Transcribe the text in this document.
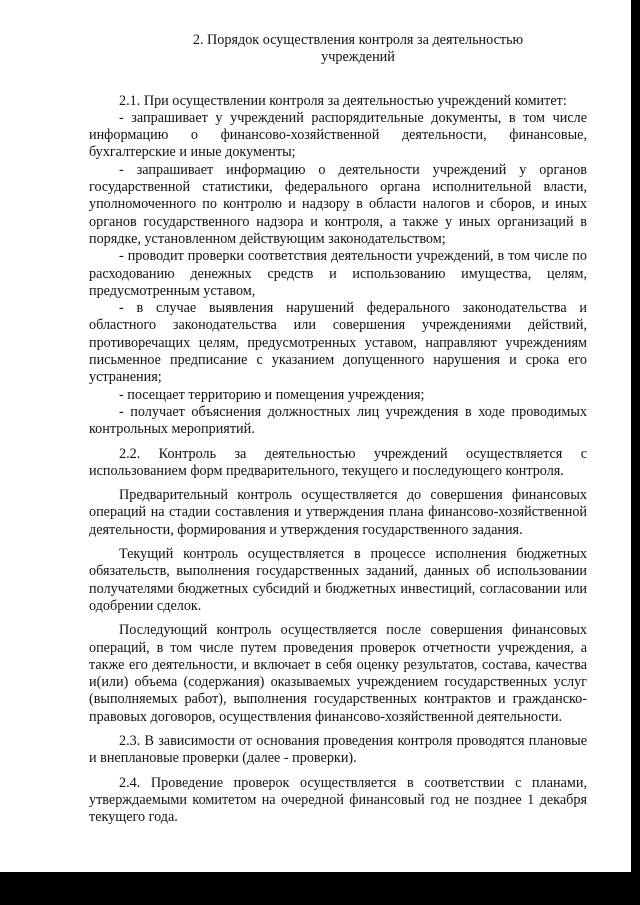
2. Порядок осуществления контроля за деятельностью
учреждений

2.1. При осуществлении контроля за деятельностью учреждений комитет:

- запрашивает у учреждений распорядительные документы, в том числе информацию о финансово-хозяйственной деятельности, финансовые, бухгалтерские и иные документы;

- запрашивает информацию о деятельности учреждений у органов государственной статистики, федерального органа исполнительной власти, уполномоченного по контролю и надзору в области налогов и сборов, и иных органов государственного надзора и контроля, а также у иных организаций в порядке, установленном действующим законодательством;

- проводит проверки соответствия деятельности учреждений, в том числе по расходованию денежных средств и использованию имущества, целям, предусмотренным уставом,

- в случае выявления нарушений федерального законодательства и областного законодательства или совершения учреждениями действий, противоречащих целям, предусмотренных уставом, направляют учреждениям письменное предписание с указанием допущенного нарушения и срока его устранения;

- посещает территорию и помещения учреждения;

- получает объяснения должностных лиц учреждения в ходе проводимых контрольных мероприятий.

2.2. Контроль за деятельностью учреждений осуществляется с использованием форм предварительного, текущего и последующего контроля.

Предварительный контроль осуществляется до совершения финансовых операций на стадии составления и утверждения плана финансово-хозяйственной деятельности, формирования и утверждения государственного задания.

Текущий контроль осуществляется в процессе исполнения бюджетных обязательств, выполнения государственных заданий, данных об использовании получателями бюджетных субсидий и бюджетных инвестиций, согласовании или одобрении сделок.

Последующий контроль осуществляется после совершения финансовых операций, в том числе путем проведения проверок отчетности учреждения, а также его деятельности, и включает в себя оценку результатов, состава, качества и(или) объема (содержания) оказываемых учреждением государственных услуг (выполняемых работ), выполнения государственных контрактов и гражданско-правовых договоров, осуществления финансово-хозяйственной деятельности.

2.3. В зависимости от основания проведения контроля проводятся плановые и внеплановые проверки (далее - проверки).

2.4. Проведение проверок осуществляется в соответствии с планами, утверждаемыми комитетом на очередной финансовый год не позднее 1 декабря текущего года.
